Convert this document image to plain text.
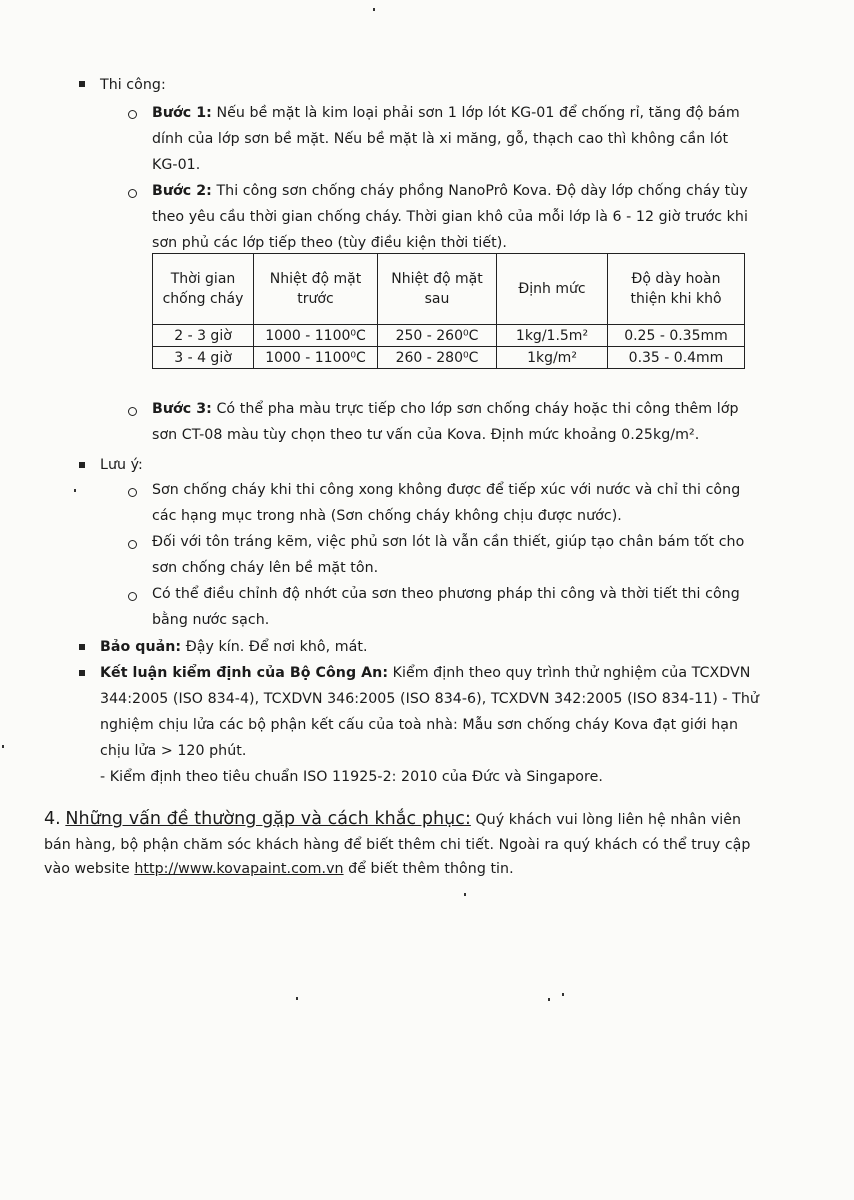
Thi công:
Bước 1: Nếu bề mặt là kim loại phải sơn 1 lớp lót KG-01 để chống rỉ, tăng độ bám
dính của lớp sơn bề mặt. Nếu bề mặt là xi măng, gỗ, thạch cao thì không cần lót
KG-01.
Bước 2: Thi công sơn chống cháy phồng NanoPrô Kova. Độ dày lớp chống cháy tùy
theo yêu cầu thời gian chống cháy. Thời gian khô của mỗi lớp là 6 - 12 giờ trước khi
sơn phủ các lớp tiếp theo (tùy điều kiện thời tiết).
Thời gian chống cháy	Nhiệt độ mặt trước	Nhiệt độ mặt sau	Định mức	Độ dày hoàn thiện khi khô
2 - 3 giờ	1000 - 1100⁰C	250 - 260⁰C	1kg/1.5m²	0.25 - 0.35mm
3 - 4 giờ	1000 - 1100⁰C	260 - 280⁰C	1kg/m²	0.35 - 0.4mm
Bước 3: Có thể pha màu trực tiếp cho lớp sơn chống cháy hoặc thi công thêm lớp
sơn CT-08 màu tùy chọn theo tư vấn của Kova. Định mức khoảng 0.25kg/m².
Lưu ý:
Sơn chống cháy khi thi công xong không được để tiếp xúc với nước và chỉ thi công
các hạng mục trong nhà (Sơn chống cháy không chịu được nước).
Đối với tôn tráng kẽm, việc phủ sơn lót là vẫn cần thiết, giúp tạo chân bám tốt cho
sơn chống cháy lên bề mặt tôn.
Có thể điều chỉnh độ nhớt của sơn theo phương pháp thi công và thời tiết thi công
bằng nước sạch.
Bảo quản: Đậy kín. Để nơi khô, mát.
Kết luận kiểm định của Bộ Công An: Kiểm định theo quy trình thử nghiệm của TCXDVN
344:2005 (ISO 834-4), TCXDVN 346:2005 (ISO 834-6), TCXDVN 342:2005 (ISO 834-11) - Thử
nghiệm chịu lửa các bộ phận kết cấu của toà nhà: Mẫu sơn chống cháy Kova đạt giới hạn
chịu lửa > 120 phút.
- Kiểm định theo tiêu chuẩn ISO 11925-2: 2010 của Đức và Singapore.
4. Những vấn đề thường gặp và cách khắc phục: Quý khách vui lòng liên hệ nhân viên
bán hàng, bộ phận chăm sóc khách hàng để biết thêm chi tiết. Ngoài ra quý khách có thể truy cập
vào website http://www.kovapaint.com.vn để biết thêm thông tin.
